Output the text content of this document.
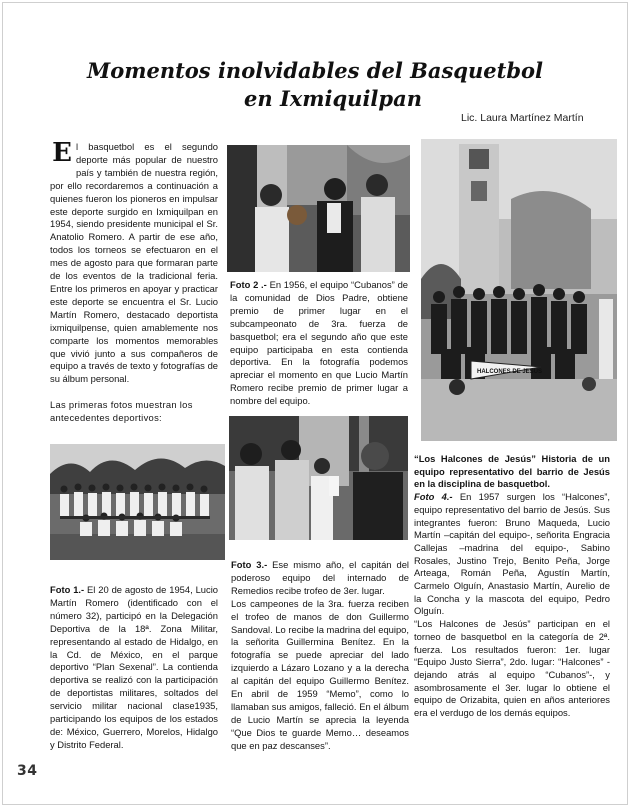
Momentos inolvidables del Basquetbol
en Ixmiquilpan
Lic. Laura Martínez Martín
E l basquetbol es el segundo deporte más popular de nuestro país y también de nuestra región, por ello recordaremos a continuación a quienes fueron los pioneros en impulsar este deporte surgido en Ixmiquilpan en 1954, siendo presidente municipal el Sr. Anatolio Romero. A partir de ese año, todos los torneos se efectuaron en el mes de agosto para que formaran parte de los eventos de la tradicional feria. Entre los primeros en apoyar y practicar este deporte se encuentra el Sr. Lucio Martín Romero, destacado deportista ixmiquilpense, quien amablemente nos comparte los momentos memorables que vivió junto a sus compañeros de equipo a través de texto y fotografías de su álbum personal.

Las primeras fotos muestran los antecedentes deportivos:

Foto 1.- El 20 de agosto de 1954, Lucio Martín Romero (identificado con el número 32), participó en la Delegación Deportiva de la 18ª. Zona Militar, representando al estado de Hidalgo, en la Cd. de México, en el parque deportivo “Plan Sexenal”. La contienda deportiva se realizó con la participación de deportistas militares, soltados del servicio militar nacional clase1935, participando los equipos de los estados de: México, Guerrero, Morelos, Hidalgo y Distrito Federal.

Foto 2 .- En 1956, el equipo “Cubanos” de la comunidad de Dios Padre, obtiene premio de primer lugar en el subcampeonato de 3ra. fuerza de basquetbol; era el segundo año que este equipo participaba en esta contienda deportiva. En la fotografía podemos apreciar el momento en que Lucio Martín Romero recibe premio de primer lugar a nombre del equipo.

Foto 3.- Ese mismo año, el capitán del poderoso equipo del internado de Remedios recibe trofeo de 3er. lugar.

Los campeones de la 3ra. fuerza reciben el trofeo de manos de don Guillermo Sandoval. Lo recibe la madrina del equipo, la señorita Guillermina Benítez. En la fotografía se puede apreciar del lado izquierdo a Lázaro Lozano y a la derecha al capitán del equipo Guillermo Benítez. En abril de 1959 “Memo”, como lo llamaban sus amigos, falleció. En el álbum de Lucio Martín se aprecia la leyenda “Que Dios te guarde Memo… deseamos que en paz descanses”.

HALCONES DE JESUS

“Los Halcones de Jesús” Historia de un equipo representativo del barrio de Jesús en la disciplina de basquetbol.

Foto 4.- En 1957 surgen los “Halcones”, equipo representativo del barrio de Jesús. Sus integrantes fueron: Bruno Maqueda, Lucio Martín –capitán del equipo-, señorita Engracia Callejas –madrina del equipo-, Sabino Rosales, Justino Trejo, Benito Peña, Jorge Arteaga, Román Peña, Agustín Martín, Carmelo Olguín, Anastasio Martín, Aurelio de la Concha y la mascota del equipo, Pedro Olguín.

“Los Halcones de Jesús” participan en el torneo de basquetbol en la categoría de 2ª. fuerza. Los resultados fueron: 1er. lugar “Equipo Justo Sierra”, 2do. lugar: “Halcones” -dejando atrás al equipo “Cubanos”-, y asombrosamente el 3er. lugar lo obtiene el equipo de Orizabita, quien en años anteriores era el verdugo de los demás equipos.

34
